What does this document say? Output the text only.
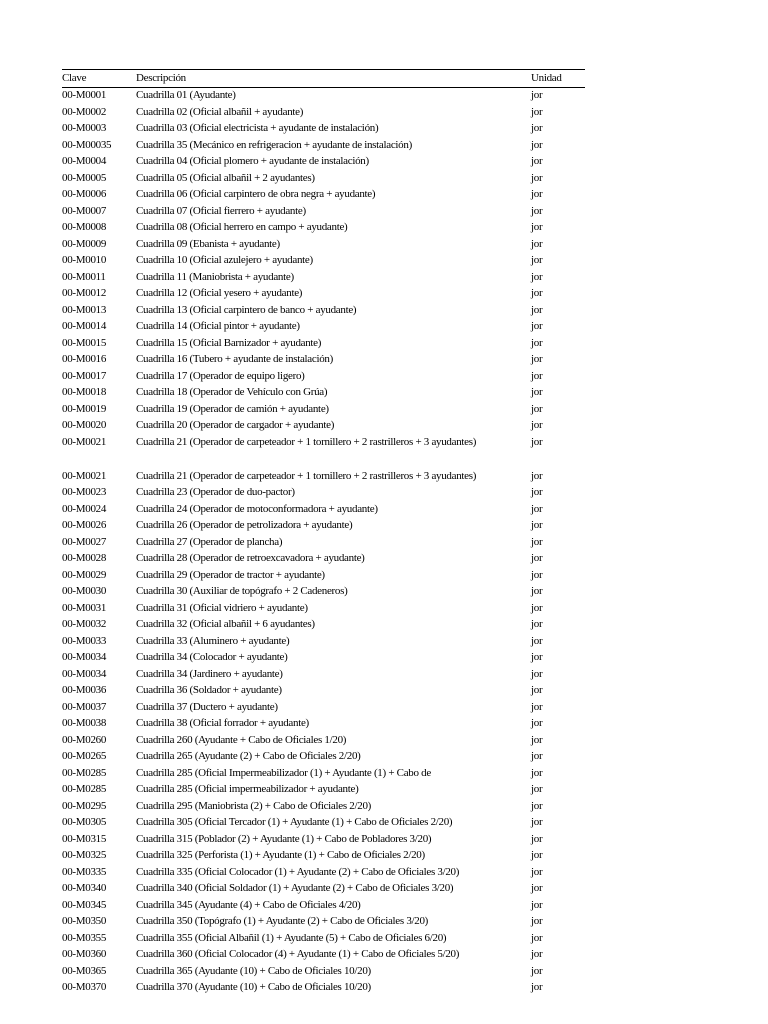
Clave	Descripción	Unidad
00-M0001	Cuadrilla 01 (Ayudante)	jor
00-M0002	Cuadrilla 02 (Oficial albañil + ayudante)	jor
00-M0003	Cuadrilla 03 (Oficial electricista + ayudante de instalación)	jor
00-M00035	Cuadrilla 35 (Mecánico en refrigeracion + ayudante de instalación)	jor
00-M0004	Cuadrilla 04 (Oficial plomero + ayudante de instalación)	jor
00-M0005	Cuadrilla 05 (Oficial albañil + 2 ayudantes)	jor
00-M0006	Cuadrilla 06 (Oficial carpintero de obra negra + ayudante)	jor
00-M0007	Cuadrilla 07 (Oficial fierrero + ayudante)	jor
00-M0008	Cuadrilla 08 (Oficial herrero en campo + ayudante)	jor
00-M0009	Cuadrilla 09 (Ebanista + ayudante)	jor
00-M0010	Cuadrilla 10 (Oficial azulejero + ayudante)	jor
00-M0011	Cuadrilla 11 (Maniobrista + ayudante)	jor
00-M0012	Cuadrilla 12 (Oficial yesero + ayudante)	jor
00-M0013	Cuadrilla 13 (Oficial carpintero de banco + ayudante)	jor
00-M0014	Cuadrilla 14 (Oficial pintor + ayudante)	jor
00-M0015	Cuadrilla 15 (Oficial Barnizador + ayudante)	jor
00-M0016	Cuadrilla 16 (Tubero + ayudante de instalación)	jor
00-M0017	Cuadrilla 17 (Operador de equipo ligero)	jor
00-M0018	Cuadrilla 18 (Operador de Vehículo con Grúa)	jor
00-M0019	Cuadrilla 19 (Operador de camión + ayudante)	jor
00-M0020	Cuadrilla 20 (Operador de cargador + ayudante)	jor
00-M0021	Cuadrilla 21 (Operador de carpeteador + 1 tornillero + 2 rastrilleros + 3 ayudantes)	jor
00-M0021	Cuadrilla 21 (Operador de carpeteador + 1 tornillero + 2 rastrilleros + 3 ayudantes)	jor
00-M0023	Cuadrilla 23 (Operador de duo-pactor)	jor
00-M0024	Cuadrilla 24 (Operador de motoconformadora + ayudante)	jor
00-M0026	Cuadrilla 26 (Operador de petrolizadora + ayudante)	jor
00-M0027	Cuadrilla 27 (Operador de plancha)	jor
00-M0028	Cuadrilla 28 (Operador de retroexcavadora + ayudante)	jor
00-M0029	Cuadrilla 29 (Operador de tractor + ayudante)	jor
00-M0030	Cuadrilla 30 (Auxiliar de topógrafo + 2 Cadeneros)	jor
00-M0031	Cuadrilla 31 (Oficial vidriero + ayudante)	jor
00-M0032	Cuadrilla 32 (Oficial albañil + 6 ayudantes)	jor
00-M0033	Cuadrilla 33 (Aluminero + ayudante)	jor
00-M0034	Cuadrilla 34 (Colocador + ayudante)	jor
00-M0034	Cuadrilla 34 (Jardinero + ayudante)	jor
00-M0036	Cuadrilla 36 (Soldador + ayudante)	jor
00-M0037	Cuadrilla 37 (Ductero + ayudante)	jor
00-M0038	Cuadrilla 38 (Oficial forrador + ayudante)	jor
00-M0260	Cuadrilla 260 (Ayudante + Cabo de Oficiales 1/20)	jor
00-M0265	Cuadrilla 265 (Ayudante (2) + Cabo de Oficiales 2/20)	jor
00-M0285	Cuadrilla 285 (Oficial Impermeabilizador (1) + Ayudante (1) + Cabo de	jor
00-M0285	Cuadrilla 285 (Oficial impermeabilizador + ayudante)	jor
00-M0295	Cuadrilla 295 (Maniobrista (2) + Cabo de Oficiales 2/20)	jor
00-M0305	Cuadrilla 305 (Oficial Tercador (1) + Ayudante (1) + Cabo de Oficiales 2/20)	jor
00-M0315	Cuadrilla 315 (Poblador (2) + Ayudante (1) + Cabo de Pobladores 3/20)	jor
00-M0325	Cuadrilla 325 (Perforista (1) + Ayudante (1) + Cabo de Oficiales 2/20)	jor
00-M0335	Cuadrilla 335 (Oficial Colocador (1) + Ayudante (2) + Cabo de Oficiales 3/20)	jor
00-M0340	Cuadrilla 340 (Oficial Soldador (1) + Ayudante (2) + Cabo de Oficiales 3/20)	jor
00-M0345	Cuadrilla 345 (Ayudante (4) + Cabo de Oficiales 4/20)	jor
00-M0350	Cuadrilla 350 (Topógrafo (1) + Ayudante (2) + Cabo de Oficiales 3/20)	jor
00-M0355	Cuadrilla 355 (Oficial Albañil (1) + Ayudante (5) + Cabo de Oficiales 6/20)	jor
00-M0360	Cuadrilla 360 (Oficial Colocador (4) + Ayudante (1) + Cabo de Oficiales 5/20)	jor
00-M0365	Cuadrilla 365 (Ayudante (10) + Cabo de Oficiales 10/20)	jor
00-M0370	Cuadrilla 370 (Ayudante (10) + Cabo de Oficiales 10/20)	jor
